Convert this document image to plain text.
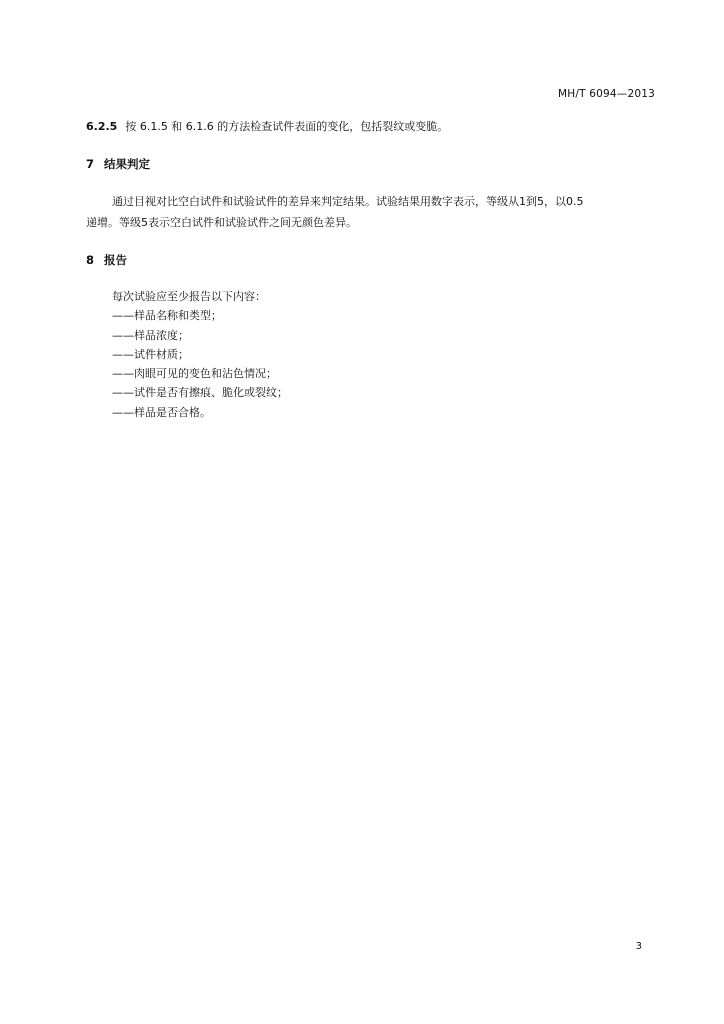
MH/T 6094—2013
6.2.5 按 6.1.5 和 6.1.6 的方法检查试件表面的变化，包括裂纹或变脆。
7 结果判定
通过目视对比空白试件和试验试件的差异来判定结果。试验结果用数字表示，等级从1到5，以0.5
递增。等级5表示空白试件和试验试件之间无颜色差异。
8 报告
每次试验应至少报告以下内容：
——样品名称和类型；
——样品浓度；
——试件材质；
——肉眼可见的变色和沾色情况；
——试件是否有擦痕、脆化或裂纹；
——样品是否合格。
3
